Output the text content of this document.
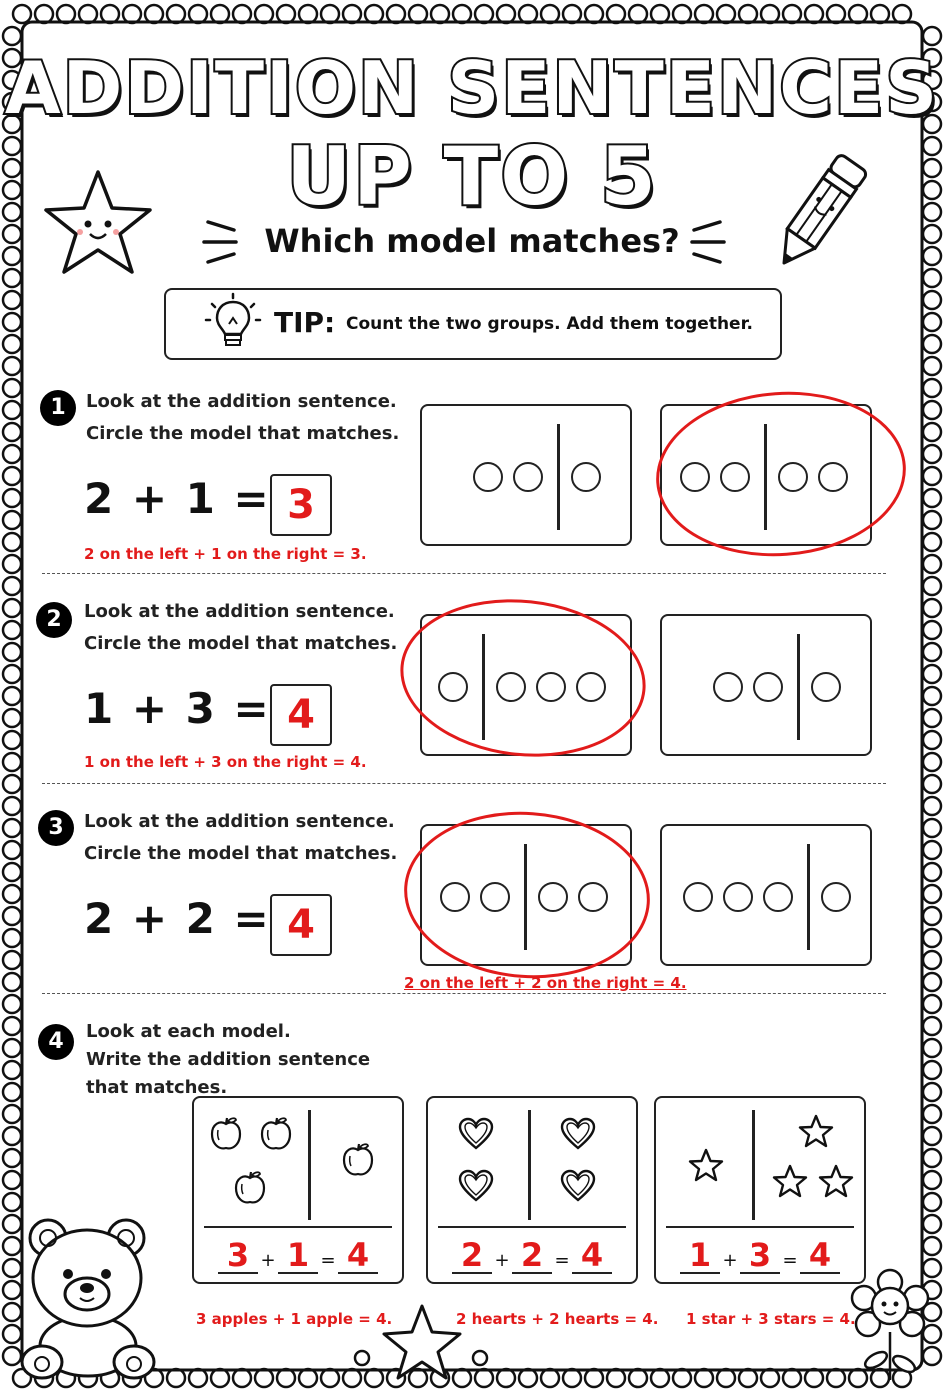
ADDITION SENTENCES
UP TO 5
Which model matches?
TIP: Count the two groups. Add them together.
1	Look at the addition sentence.
Circle the model that matches.
2 + 1 = 3
2 on the left + 1 on the right = 3.
2	Look at the addition sentence.
Circle the model that matches.
1 + 3 = 4
1 on the left + 3 on the right = 4.
3	Look at the addition sentence.
Circle the model that matches.
2 + 2 = 4
2 on the left + 2 on the right = 4.
4	Look at each model.
Write the addition sentence
that matches.
3 + 1 = 4	2 + 2 = 4	1 + 3 = 4
3 apples + 1 apple = 4.	2 hearts + 2 hearts = 4. 1 star + 3 stars = 4.
